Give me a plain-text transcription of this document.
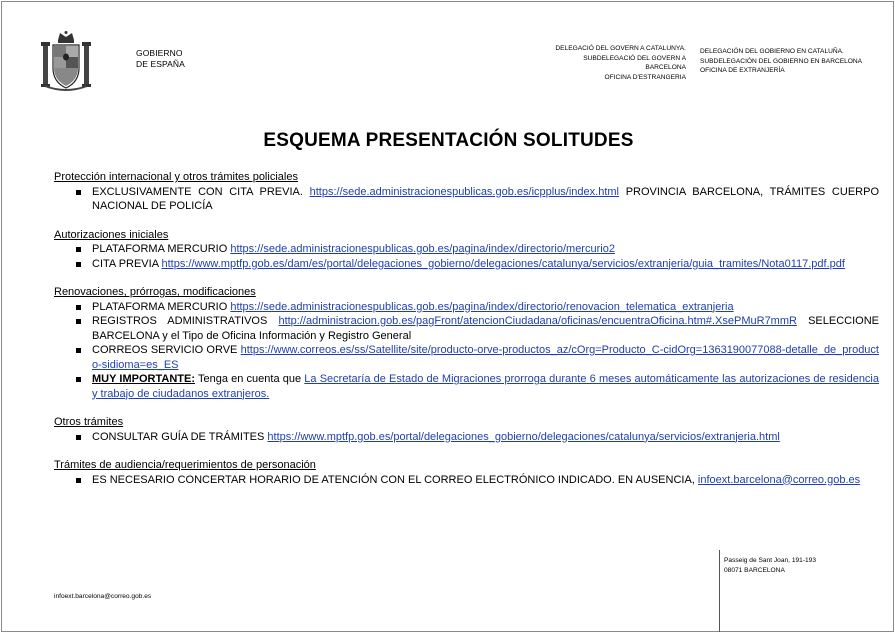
GOBIERNO
DE ESPAÑA
DELEGACIÓ DEL GOVERN A CATALUNYA.
SUBDELEGACIÓ DEL GOVERN A
BARCELONA
OFICINA D'ESTRANGERIA
DELEGACIÓN DEL GOBIERNO EN CATALUÑA.
SUBDELEGACIÓN DEL GOBIERNO EN BARCELONA
OFICINA DE EXTRANJERÍA
ESQUEMA PRESENTACIÓN SOLITUDES
Protección internacional y otros trámites policiales
EXCLUSIVAMENTE CON CITA PREVIA. https://sede.administracionespublicas.gob.es/icpplus/index.html PROVINCIA BARCELONA, TRÁMITES CUERPO NACIONAL DE POLICÍA
Autorizaciones iniciales
PLATAFORMA MERCURIO https://sede.administracionespublicas.gob.es/pagina/index/directorio/mercurio2
CITA PREVIA https://www.mptfp.gob.es/dam/es/portal/delegaciones_gobierno/delegaciones/catalunya/servicios/extranjeria/guia_tramites/Nota0117.pdf.pdf
Renovaciones, prórrogas, modificaciones
PLATAFORMA MERCURIO https://sede.administracionespublicas.gob.es/pagina/index/directorio/renovacion_telematica_extranjeria
REGISTROS ADMINISTRATIVOS http://administracion.gob.es/pagFront/atencionCiudadana/oficinas/encuentraOficina.htm#.XsePMuR7mmR SELECCIONE BARCELONA y el Tipo de Oficina Información y Registro General
CORREOS SERVICIO ORVE https://www.correos.es/ss/Satellite/site/producto-orve-productos_az/cOrg=Producto_C-cidOrg=1363190077088-detalle_de_producto-sidioma=es_ES
MUY IMPORTANTE: Tenga en cuenta que La Secretaría de Estado de Migraciones prorroga durante 6 meses automáticamente las autorizaciones de residencia y trabajo de ciudadanos extranjeros.
Otros trámites
CONSULTAR GUÍA DE TRÁMITES https://www.mptfp.gob.es/portal/delegaciones_gobierno/delegaciones/catalunya/servicios/extranjeria.html
Trámites de audiencia/requerimientos de personación
ES NECESARIO CONCERTAR HORARIO DE ATENCIÓN CON EL CORREO ELECTRÓNICO INDICADO. EN AUSENCIA, infoext.barcelona@correo.gob.es
Passeig de Sant Joan, 191-193
08071 BARCELONA
infoext.barcelona@correo.gob.es
